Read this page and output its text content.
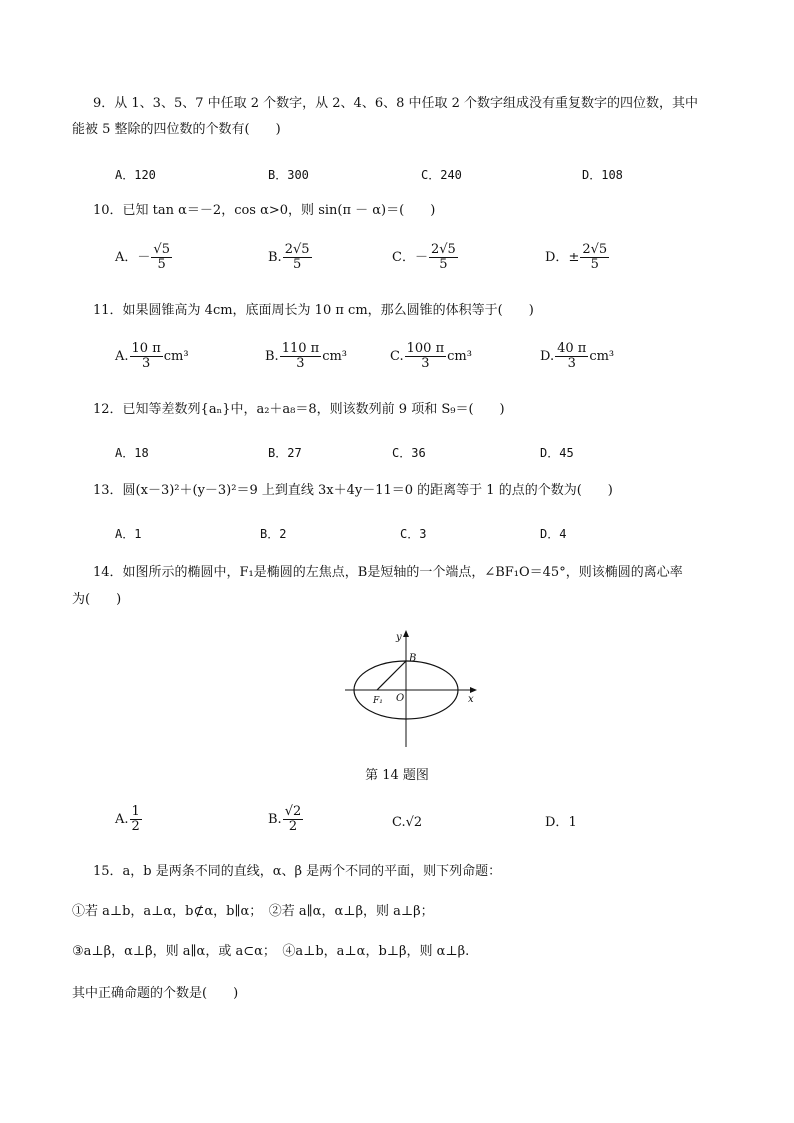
9．从 1、3、5、7 中任取 2 个数字，从 2、4、6、8 中任取 2 个数字组成没有重复数字的四位数，其中
能被 5 整除的四位数的个数有(　　)
A．120	B．300	C．240	D．108
10．已知 tan α＝－2，cos α>0，则 sin(π － α)＝(　　)
A．－ $\frac{√5}{5}$	B. $\frac{2√5}{5}$	C．－ $\frac{2√5}{5}$	D．± $\frac{2√5}{5}$
11．如果圆锥高为 4cm，底面周长为 10 π cm，那么圆锥的体积等于(　　)
A. $\frac{10 \pi}{3} cm^3$	B. $\frac{110 \pi}{3} cm^3$	C. $\frac{100 \pi}{3} cm^3$	D. $\frac{40 \pi}{3} cm^3$
12．已知等差数列{aₙ}中，a₂＋a₈＝8，则该数列前 9 项和 S₉＝(　　)
A．18	B．27	C．36	D．45
13．圆(x－3)²＋(y－3)²＝9 上到直线 3x＋4y－11＝0 的距离等于 1 的点的个数为(　　)
A．1	B．2	C．3	D．4
14．如图所示的椭圆中，F₁是椭圆的左焦点，B是短轴的一个端点，∠BF₁O＝45°，则该椭圆的离心率
为(　　)
y
x
B
F₁ O
第 14 题图
A. $\frac{1}{2}$	B. $\frac{√2}{2}$	C.√2	D．1
15．a，b 是两条不同的直线，α、β 是两个不同的平面，则下列命题：
①若 a⊥b，a⊥α，b⊄α，b∥α；　②若 a∥α，α⊥β，则 a⊥β；
③a⊥β，α⊥β，则 a∥α，或 a⊂α；　④a⊥b，a⊥α，b⊥β，则 α⊥β.
其中正确命题的个数是(　　)
